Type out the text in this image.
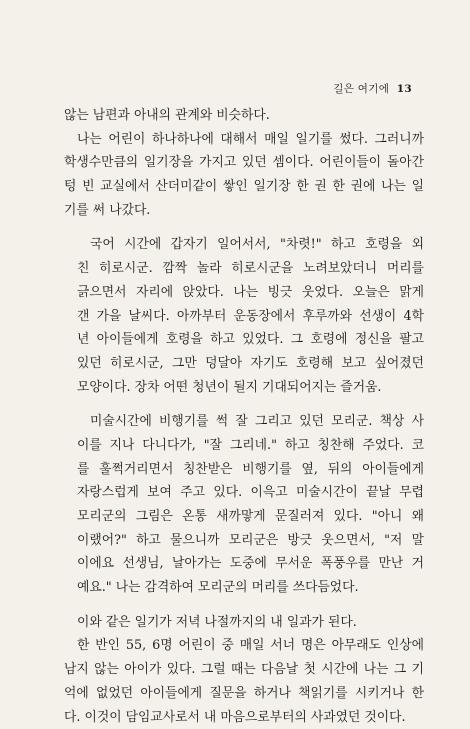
길은 여기에 13
않는 남편과 아내의 관계와 비슷하다.
나는 어린이 하나하나에 대해서 매일 일기를 썼다. 그러니까
학생수만큼의 일기장을 가지고 있던 셈이다. 어린이들이 돌아간
텅 빈 교실에서 산더미같이 쌓인 일기장 한 권 한 권에 나는 일
기를 써 나갔다.
국어 시간에 갑자기 일어서서, "차렷!" 하고 호령을 외
친 히로시군. 깜짝 놀라 히로시군을 노려보았더니 머리를
긁으면서 자리에 앉았다. 나는 빙긋 웃었다. 오늘은 맑게
갠 가을 날씨다. 아까부터 운동장에서 후루까와 선생이 4학
년 아이들에게 호령을 하고 있었다. 그 호령에 정신을 팔고
있던 히로시군, 그만 덩달아 자기도 호령해 보고 싶어졌던
모양이다. 장차 어떤 청년이 될지 기대되어지는 즐거움.
미술시간에 비행기를 썩 잘 그리고 있던 모리군. 책상 사
이를 지나 다니다가, "잘 그리네." 하고 칭찬해 주었다. 코
를 훌쩍거리면서 칭찬받은 비행기를 옆, 뒤의 아이들에게
자랑스럽게 보여 주고 있다. 이윽고 미술시간이 끝날 무렵
모리군의 그림은 온통 새까맣게 문질러져 있다. "아니 왜
이랬어?" 하고 물으니까 모리군은 방긋 웃으면서, "저 말
이에요 선생님, 날아가는 도중에 무서운 폭풍우를 만난 거
예요." 나는 감격하여 모리군의 머리를 쓰다듬었다.
이와 같은 일기가 저녁 나절까지의 내 일과가 된다.
한 반인 55, 6명 어린이 중 매일 서너 명은 아무래도 인상에
남지 않는 아이가 있다. 그럴 때는 다음날 첫 시간에 나는 그 기
억에 없었던 아이들에게 질문을 하거나 책읽기를 시키거나 한
다. 이것이 담임교사로서 내 마음으로부터의 사과였던 것이다.
